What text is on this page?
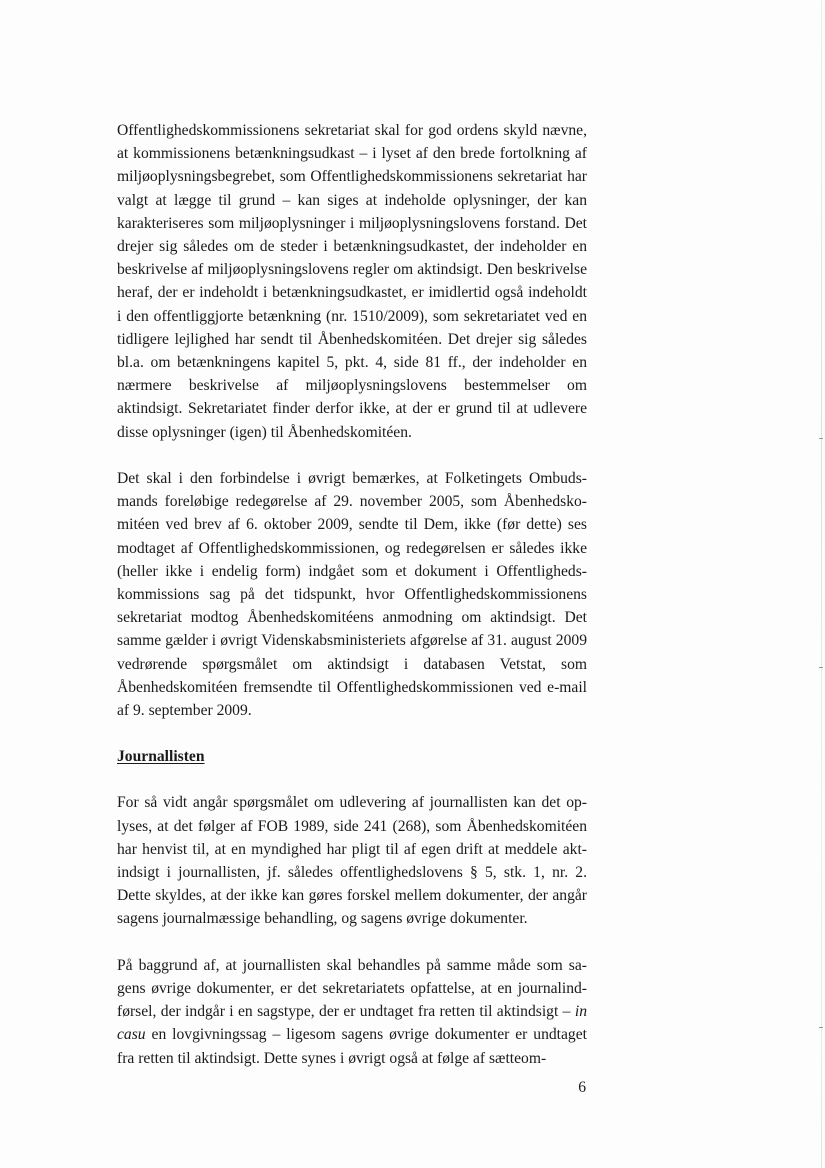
Offentlighedskommissionens sekretariat skal for god ordens skyld nævne, at kommissionens betænkningsudkast – i lyset af den brede fortolkning af miljøoplysningsbegrebet, som Offentlighedskommissionens sekretariat har valgt at lægge til grund – kan siges at indeholde oplysninger, der kan karakteriseres som miljøoplysninger i miljøoplysningslovens forstand. Det drejer sig således om de steder i betænkningsudkastet, der indeholder en beskrivelse af miljøoplysningslovens regler om aktindsigt. Den beskrivelse heraf, der er indeholdt i betænkningsudkastet, er imidlertid også indeholdt i den offentliggjorte betænkning (nr. 1510/2009), som sekretariatet ved en tidligere lejlighed har sendt til Åbenhedskomitéen. Det drejer sig således bl.a. om betænkningens kapitel 5, pkt. 4, side 81 ff., der indeholder en nærmere beskrivelse af miljøoplysningslovens bestemmelser om aktindsigt. Sekretariatet finder derfor ikke, at der er grund til at udlevere disse oplysninger (igen) til Åbenhedskomitéen.

Det skal i den forbindelse i øvrigt bemærkes, at Folketingets Ombudsmands foreløbige redegørelse af 29. november 2005, som Åbenhedskomitéen ved brev af 6. oktober 2009, sendte til Dem, ikke (før dette) ses modtaget af Offentlighedskommissionen, og redegørelsen er således ikke (heller ikke i endelig form) indgået som et dokument i Offentlighedskommissions sag på det tidspunkt, hvor Offentlighedskommissionens sekretariat modtog Åbenhedskomitéens anmodning om aktindsigt. Det samme gælder i øvrigt Videnskabsministeriets afgørelse af 31. august 2009 vedrørende spørgsmålet om aktindsigt i databasen Vetstat, som Åbenhedskomitéen fremsendte til Offentlighedskommissionen ved e-mail af 9. september 2009.

Journallisten

For så vidt angår spørgsmålet om udlevering af journallisten kan det oplyses, at det følger af FOB 1989, side 241 (268), som Åbenhedskomitéen har henvist til, at en myndighed har pligt til af egen drift at meddele aktindsigt i journallisten, jf. således offentlighedslovens § 5, stk. 1, nr. 2. Dette skyldes, at der ikke kan gøres forskel mellem dokumenter, der angår sagens journalmæssige behandling, og sagens øvrige dokumenter.

På baggrund af, at journallisten skal behandles på samme måde som sagens øvrige dokumenter, er det sekretariatets opfattelse, at en journalindførsel, der indgår i en sagstype, der er undtaget fra retten til aktindsigt – in casu en lovgivningssag – ligesom sagens øvrige dokumenter er undtaget fra retten til aktindsigt. Dette synes i øvrigt også at følge af sætteom-

6
